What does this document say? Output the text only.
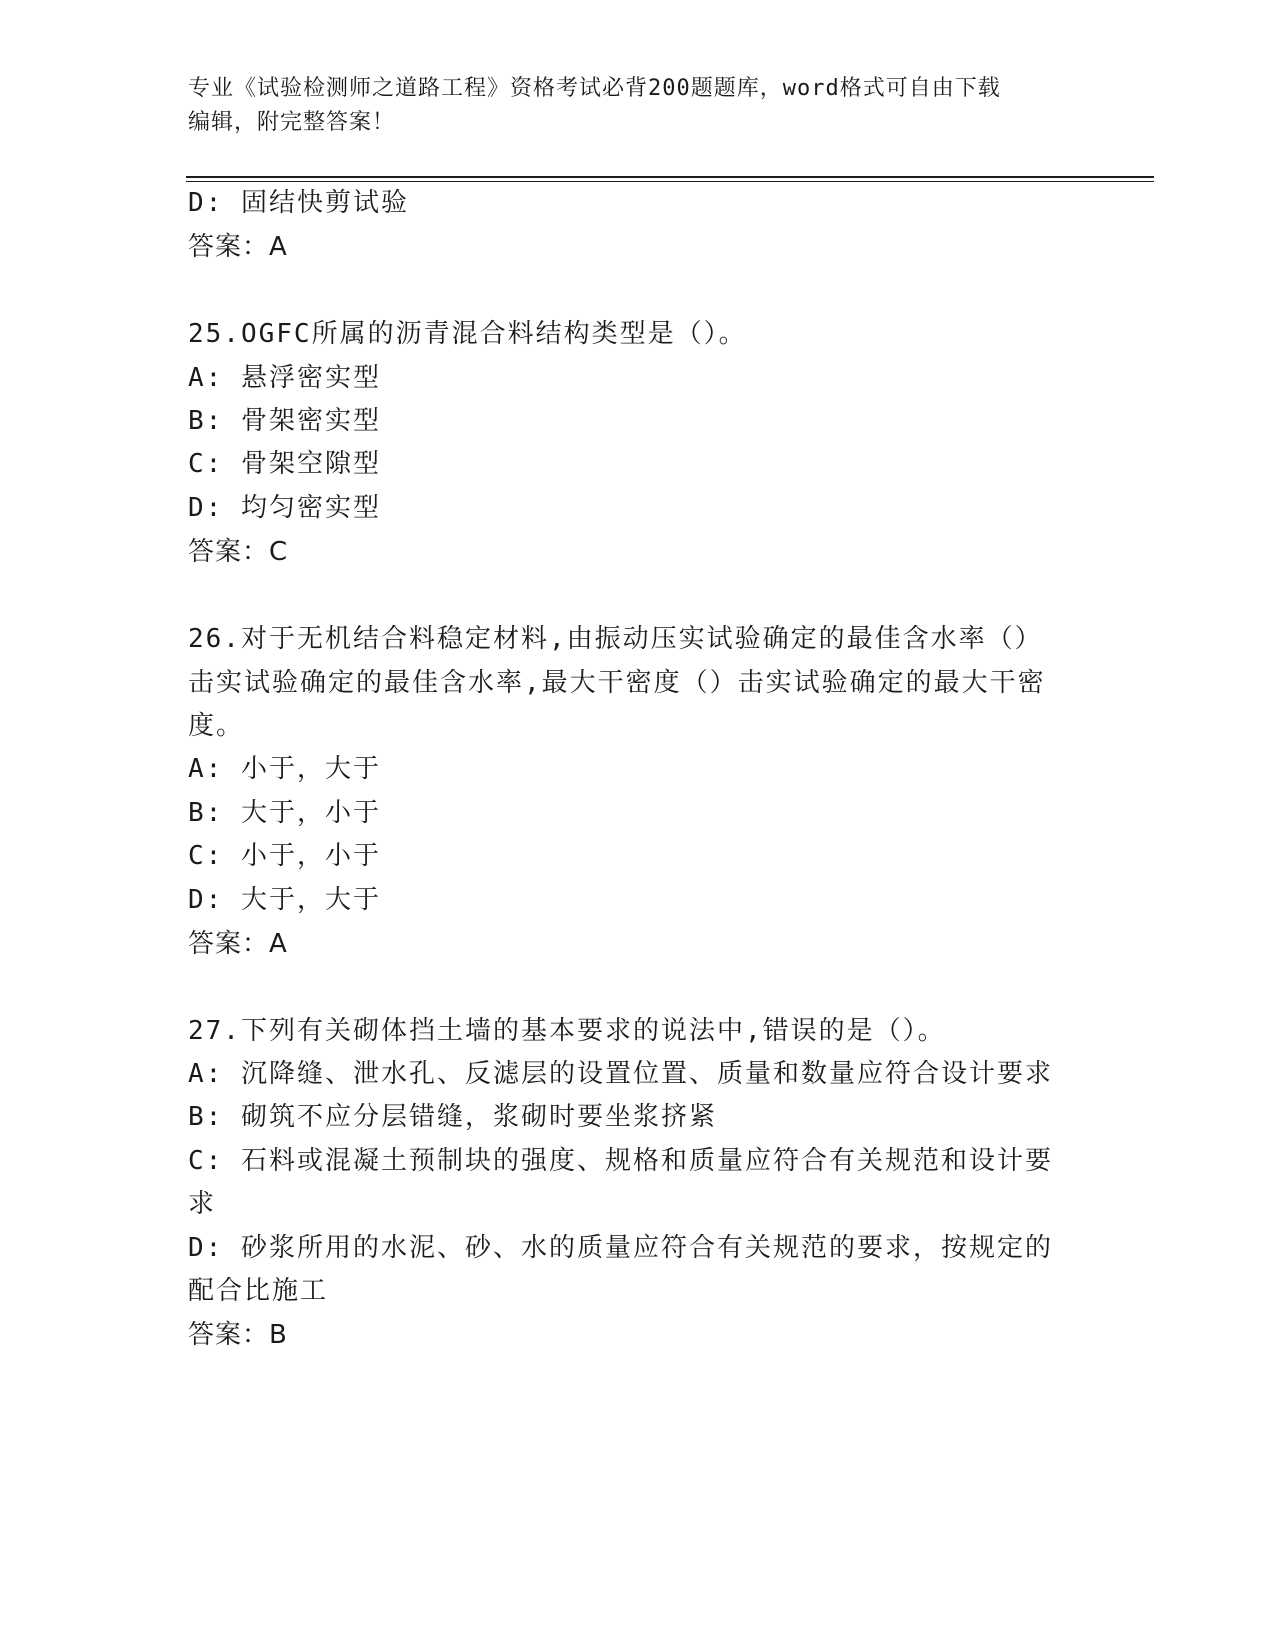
专业《试验检测师之道路工程》资格考试必背200题题库，word格式可自由下载
编辑，附完整答案！
D: 固结快剪试验
答案：A
25.OGFC所属的沥青混合料结构类型是（）。
A: 悬浮密实型
B: 骨架密实型
C: 骨架空隙型
D: 均匀密实型
答案：C
26.对于无机结合料稳定材料,由振动压实试验确定的最佳含水率（）
击实试验确定的最佳含水率,最大干密度（）击实试验确定的最大干密
度。
A: 小于，大于
B: 大于，小于
C: 小于，小于
D: 大于，大于
答案：A
27.下列有关砌体挡土墙的基本要求的说法中,错误的是（）。
A: 沉降缝、泄水孔、反滤层的设置位置、质量和数量应符合设计要求
B: 砌筑不应分层错缝，浆砌时要坐浆挤紧
C: 石料或混凝土预制块的强度、规格和质量应符合有关规范和设计要
求
D: 砂浆所用的水泥、砂、水的质量应符合有关规范的要求，按规定的
配合比施工
答案：B
